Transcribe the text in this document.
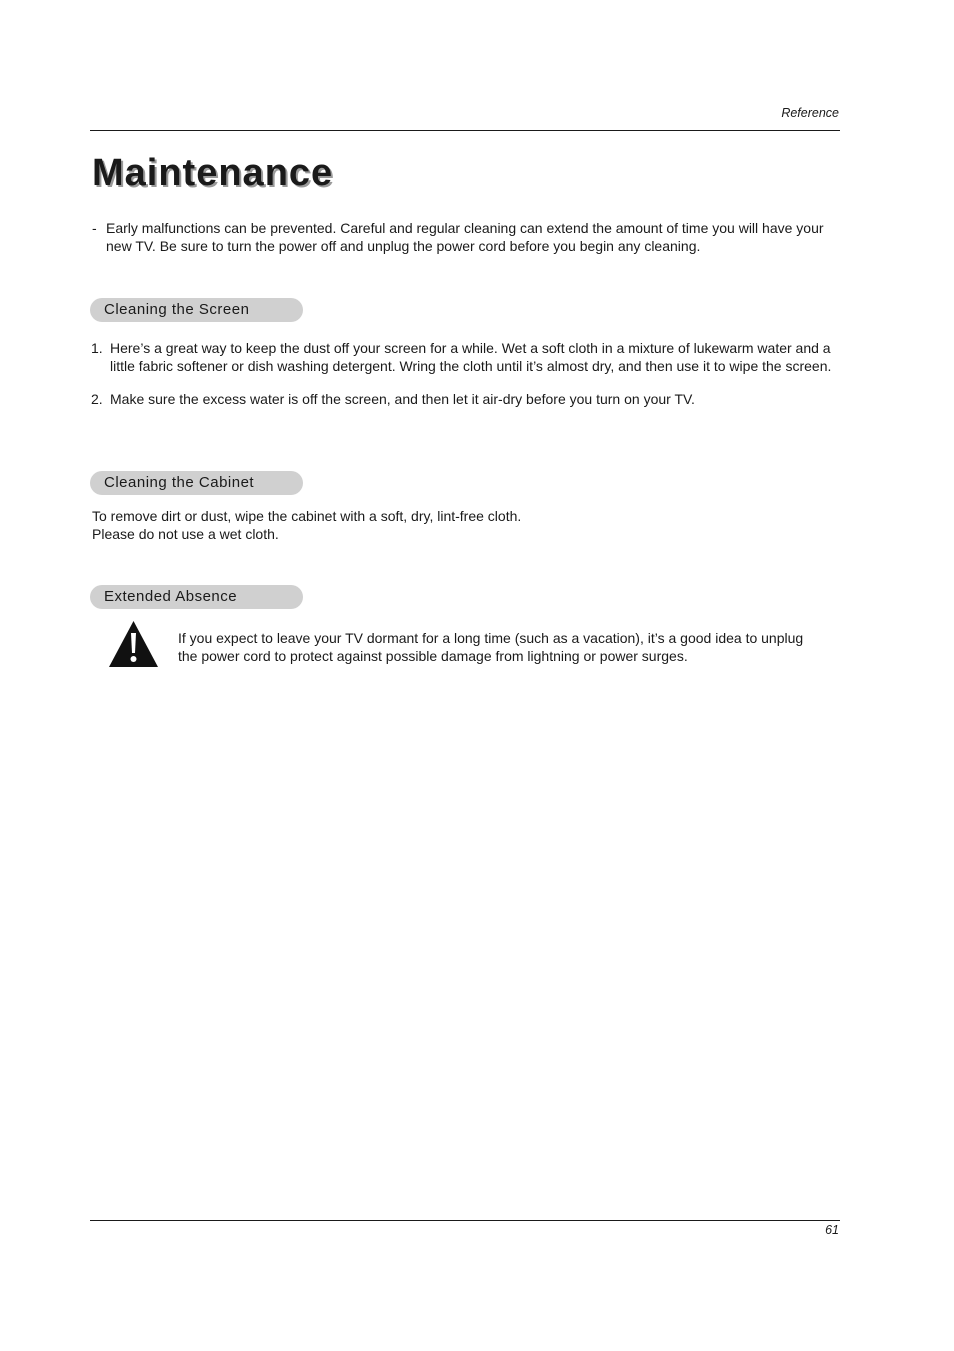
Reference
Maintenance

- Early malfunctions can be prevented. Careful and regular cleaning can extend the amount of time you will have your new TV. Be sure to turn the power off and unplug the power cord before you begin any cleaning.

Cleaning the Screen
1. Here’s a great way to keep the dust off your screen for a while. Wet a soft cloth in a mixture of lukewarm water and a little fabric softener or dish washing detergent. Wring the cloth until it’s almost dry, and then use it to wipe the screen.
2. Make sure the excess water is off the screen, and then let it air-dry before you turn on your TV.
Cleaning the Cabinet

To remove dirt or dust, wipe the cabinet with a soft, dry, lint-free cloth.
Please do not use a wet cloth.

Extended Absence

If you expect to leave your TV dormant for a long time (such as a vacation), it’s a good idea to unplug the power cord to protect against possible damage from lightning or power surges.

61
